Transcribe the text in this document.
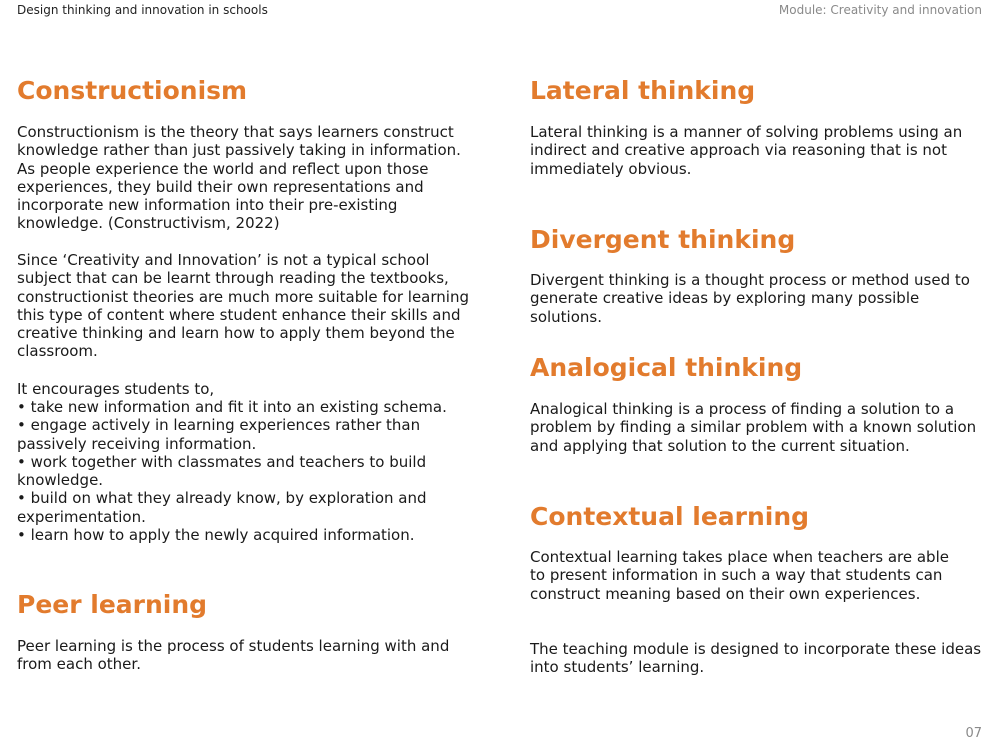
Design thinking and innovation in schools	Module: Creativity and innovation
Constructionism

Constructionism is the theory that says learners construct
knowledge rather than just passively taking in information.
As people experience the world and reflect upon those
experiences, they build their own representations and
incorporate new information into their pre-existing
knowledge. (Constructivism, 2022)

Since ‘Creativity and Innovation’ is not a typical school
subject that can be learnt through reading the textbooks,
constructionist theories are much more suitable for learning
this type of content where student enhance their skills and
creative thinking and learn how to apply them beyond the
classroom.

It encourages students to,

• take new information and fit it into an existing schema.
• engage actively in learning experiences rather than
passively receiving information.
• work together with classmates and teachers to build
knowledge.
• build on what they already know, by exploration and
experimentation.
• learn how to apply the newly acquired information.
Peer learning

Peer learning is the process of students learning with and
from each other.

Lateral thinking

Lateral thinking is a manner of solving problems using an
indirect and creative approach via reasoning that is not
immediately obvious.

Divergent thinking

Divergent thinking is a thought process or method used to
generate creative ideas by exploring many possible solutions.

Analogical thinking

Analogical thinking is a process of finding a solution to a
problem by finding a similar problem with a known solution
and applying that solution to the current situation.

Contextual learning

Contextual learning takes place when teachers are able
to present information in such a way that students can
construct meaning based on their own experiences.

The teaching module is designed to incorporate these ideas
into students’ learning.

07
